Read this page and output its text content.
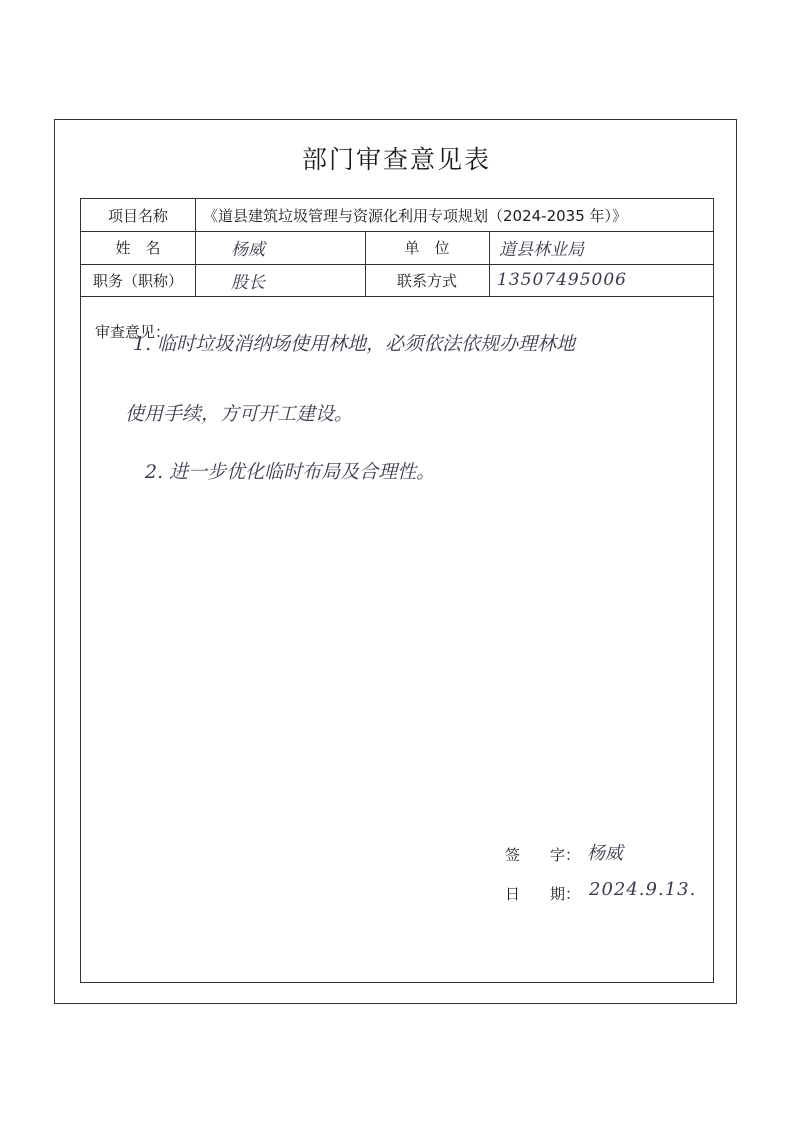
部门审查意见表
项目名称	《道县建筑垃圾管理与资源化利用专项规划（2024-2035 年）》
姓　名	杨威	单　位	道县林业局
职务（职称）	股长	联系方式	13507495006
审查意见：
1. 临时垃圾消纳场使用林地，必须依法依规办理林地
使用手续，方可开工建设。
2. 进一步优化临时布局及合理性。
签　　字： 杨威
日　　期： 2024.9.13.
